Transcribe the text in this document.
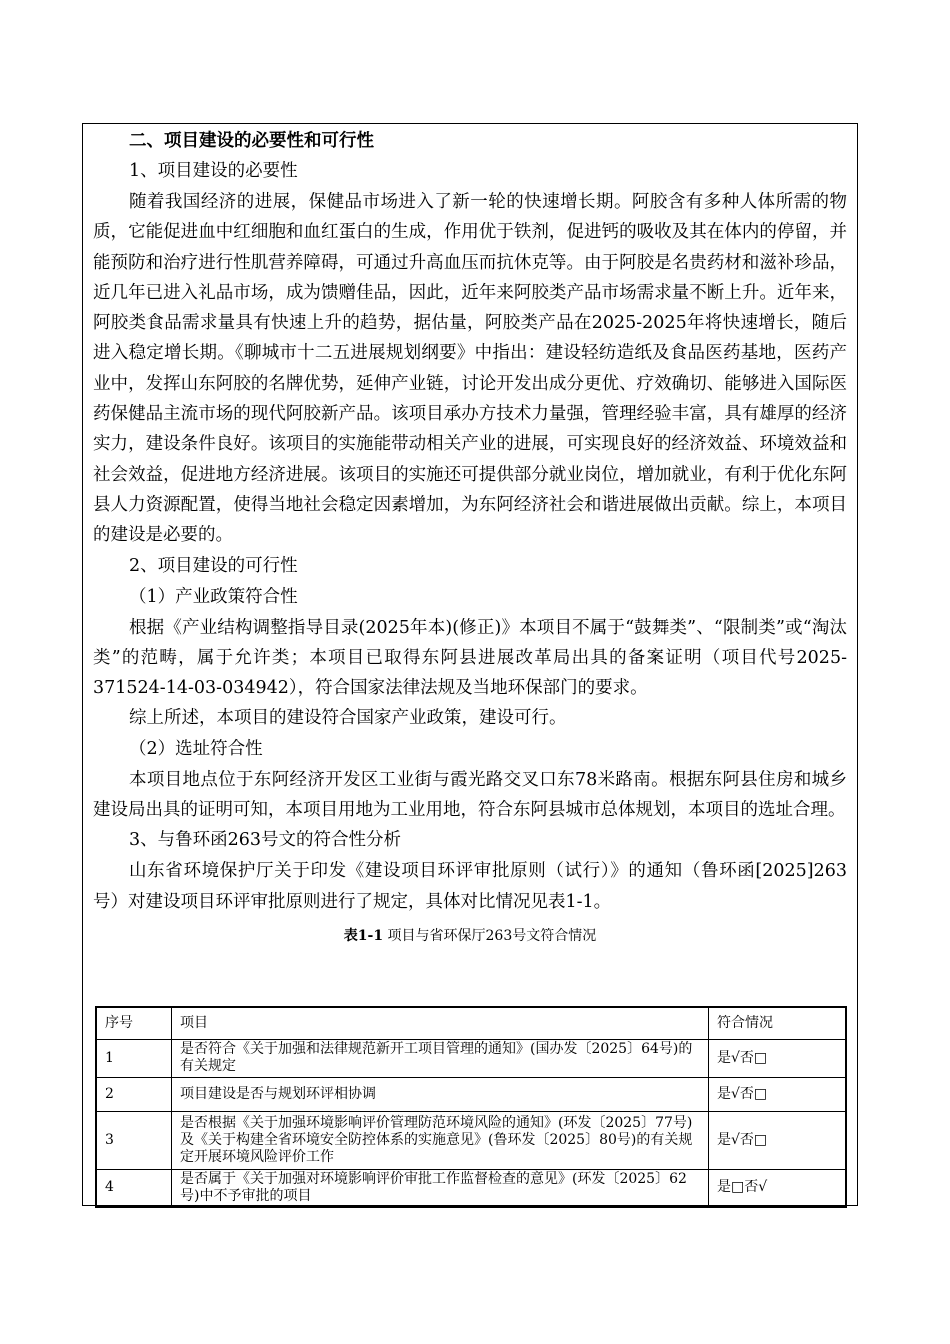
二、项目建设的必要性和可行性
1、项目建设的必要性
随着我国经济的进展，保健品市场进入了新一轮的快速增长期。阿胶含有多种人体所需的物质，它能促进血中红细胞和血红蛋白的生成，作用优于铁剂，促进钙的吸收及其在体内的停留，并能预防和治疗进行性肌营养障碍，可通过升高血压而抗休克等。由于阿胶是名贵药材和滋补珍品，近几年已进入礼品市场，成为馈赠佳品，因此，近年来阿胶类产品市场需求量不断上升。近年来，阿胶类食品需求量具有快速上升的趋势，据估量，阿胶类产品在2025-2025年将快速增长，随后进入稳定增长期。《聊城市十二五进展规划纲要》中指出：建设轻纺造纸及食品医药基地，医药产业中，发挥山东阿胶的名牌优势，延伸产业链，讨论开发出成分更优、疗效确切、能够进入国际医药保健品主流市场的现代阿胶新产品。该项目承办方技术力量强，管理经验丰富，具有雄厚的经济实力，建设条件良好。该项目的实施能带动相关产业的进展，可实现良好的经济效益、环境效益和社会效益，促进地方经济进展。该项目的实施还可提供部分就业岗位，增加就业，有利于优化东阿县人力资源配置，使得当地社会稳定因素增加，为东阿经济社会和谐进展做出贡献。综上，本项目的建设是必要的。
2、项目建设的可行性
（1）产业政策符合性
根据《产业结构调整指导目录(2025年本)(修正)》本项目不属于“鼓舞类”、“限制类”或“淘汰类”的范畴，属于允许类；本项目已取得东阿县进展改革局出具的备案证明（项目代号2025-371524-14-03-034942），符合国家法律法规及当地环保部门的要求。
综上所述，本项目的建设符合国家产业政策，建设可行。
（2）选址符合性
本项目地点位于东阿经济开发区工业街与霞光路交叉口东78米路南。根据东阿县住房和城乡建设局出具的证明可知，本项目用地为工业用地，符合东阿县城市总体规划，本项目的选址合理。
3、与鲁环函263号文的符合性分析
山东省环境保护厅关于印发《建设项目环评审批原则（试行）》的通知（鲁环函[2025]263号）对建设项目环评审批原则进行了规定，具体对比情况见表1-1。
表1-1 项目与省环保厅263号文符合情况
序号	项目	符合情况
1	是否符合《关于加强和法律规范新开工项目管理的通知》(国办发〔2025〕64号)的有关规定	是√否□
2	项目建设是否与规划环评相协调	是√否□
3	是否根据《关于加强环境影响评价管理防范环境风险的通知》(环发〔2025〕77号)及《关于构建全省环境安全防控体系的实施意见》(鲁环发〔2025〕80号)的有关规定开展环境风险评价工作	是√否□
4	是否属于《关于加强对环境影响评价审批工作监督检查的意见》(环发〔2025〕62号)中不予审批的项目	是□否√
